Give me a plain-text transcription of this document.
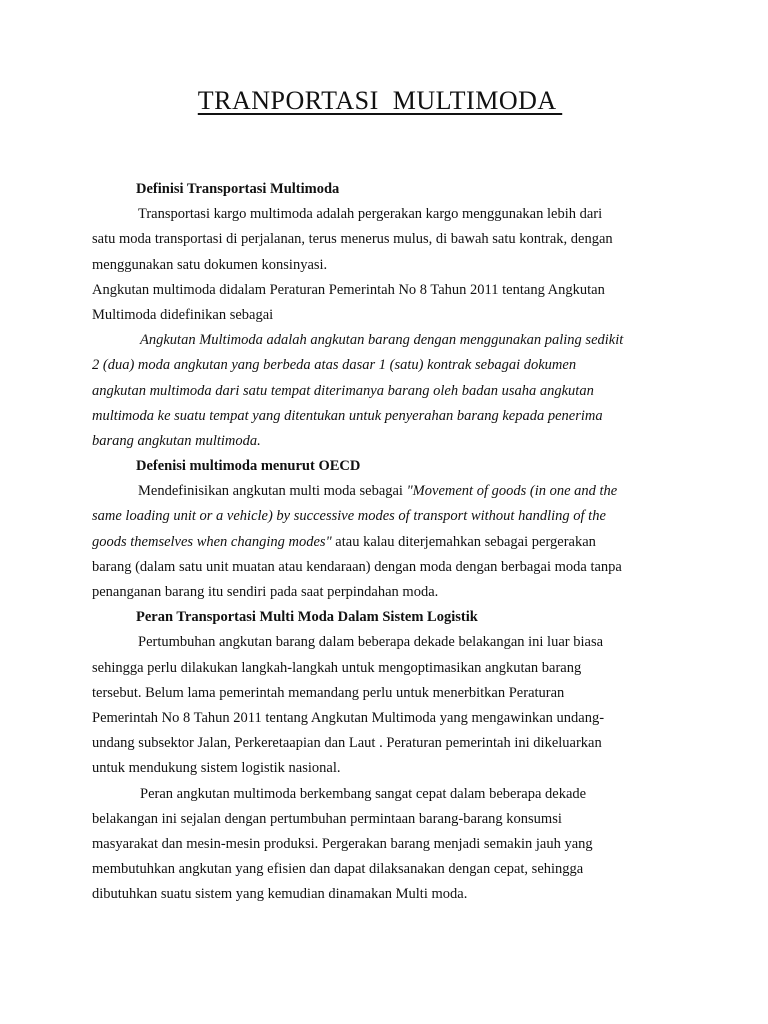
TRANPORTASI  MULTIMODA
Definisi Transportasi Multimoda
Transportasi kargo multimoda adalah pergerakan kargo menggunakan lebih dari
satu moda transportasi di perjalanan, terus menerus mulus, di bawah satu kontrak, dengan
menggunakan satu dokumen konsinyasi.
Angkutan multimoda didalam Peraturan Pemerintah No 8 Tahun 2011 tentang Angkutan
Multimoda didefinikan sebagai
Angkutan Multimoda adalah angkutan barang dengan menggunakan paling sedikit
2 (dua) moda angkutan yang berbeda atas dasar 1 (satu) kontrak sebagai dokumen
angkutan multimoda dari satu tempat diterimanya barang oleh badan usaha angkutan
multimoda ke suatu tempat yang ditentukan untuk penyerahan barang kepada penerima
barang angkutan multimoda.
Defenisi multimoda menurut OECD
Mendefinisikan angkutan multi moda sebagai "Movement of goods (in one and the
same loading unit or a vehicle) by successive modes of transport without handling of the
goods themselves when changing modes" atau kalau diterjemahkan sebagai pergerakan
barang (dalam satu unit muatan atau kendaraan) dengan moda dengan berbagai moda tanpa
penanganan barang itu sendiri pada saat perpindahan moda.
Peran Transportasi Multi Moda Dalam Sistem Logistik
Pertumbuhan angkutan barang dalam beberapa dekade belakangan ini luar biasa
sehingga perlu dilakukan langkah-langkah untuk mengoptimasikan angkutan barang
tersebut. Belum lama pemerintah memandang perlu untuk menerbitkan Peraturan
Pemerintah No 8 Tahun 2011 tentang Angkutan Multimoda yang mengawinkan undang-
undang subsektor Jalan, Perkeretaapian dan Laut . Peraturan pemerintah ini dikeluarkan
untuk mendukung sistem logistik nasional.
Peran angkutan multimoda berkembang sangat cepat dalam beberapa dekade
belakangan ini sejalan dengan pertumbuhan permintaan barang-barang konsumsi
masyarakat dan mesin-mesin produksi. Pergerakan barang menjadi semakin jauh yang
membutuhkan angkutan yang efisien dan dapat dilaksanakan dengan cepat, sehingga
dibutuhkan suatu sistem yang kemudian dinamakan Multi moda.
